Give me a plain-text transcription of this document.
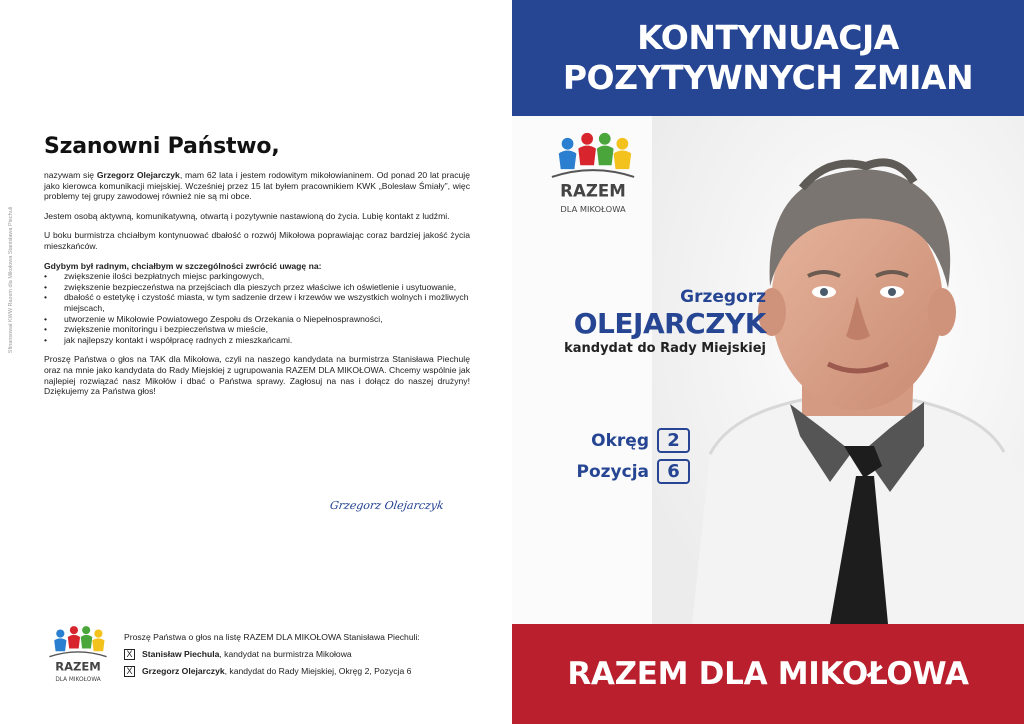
Sfinansował KWW Razem dla Mikołowa Stanisława Piechuli
Szanowni Państwo,

nazywam się Grzegorz Olejarczyk, mam 62 lata i jestem rodowitym mikołowianinem. Od ponad 20 lat pracuję jako kierowca komunikacji miejskiej. Wcześniej przez 15 lat byłem pracownikiem KWK „Bolesław Śmiały”, więc problemy tej grupy zawodowej również nie są mi obce.

Jestem osobą aktywną, komunikatywną, otwartą i pozytywnie nastawioną do życia. Lubię kontakt z ludźmi.

U boku burmistrza chciałbym kontynuować dbałość o rozwój Mikołowa poprawiając coraz bardziej jakość życia mieszkańców.

Gdybym był radnym, chciałbym w szczególności zwrócić uwagę na:

• zwiększenie ilości bezpłatnych miejsc parkingowych,
• zwiększenie bezpieczeństwa na przejściach dla pieszych przez właściwe ich oświetlenie i usytuowanie,
• dbałość o estetykę i czystość miasta, w tym sadzenie drzew i krzewów we wszystkich wolnych i możliwych miejscach,
• utworzenie w Mikołowie Powiatowego Zespołu ds Orzekania o Niepełnosprawności,
• zwiększenie monitoringu i bezpieczeństwa w mieście,
• jak najlepszy kontakt i współpracę radnych z mieszkańcami.

Proszę Państwa o głos na TAK dla Mikołowa, czyli na naszego kandydata na burmistrza Stanisława Piechulę oraz na mnie jako kandydata do Rady Miejskiej z ugrupowania RAZEM DLA MIKOŁOWA. Chcemy wspólnie jak najlepiej rozwiązać nasz Mikołów i dbać o Państwa sprawy. Zagłosuj na nas i dołącz do naszej drużyny! Dziękujemy za Państwa głos!

Grzegorz Olejarczyk
RAZEM
DLA MIKOŁOWA
Proszę Państwa o głos na listę RAZEM DLA MIKOŁOWA Stanisława Piechuli:
X Stanisław Piechula , kandydat na burmistrza Mikołowa
X Grzegorz Olejarczyk , kandydat do Rady Miejskiej, Okręg 2, Pozycja 6
RAZEM
DLA MIKOŁOWA
KONTYNUACJA
POZYTYWNYCH ZMIAN
Grzegorz
OLEJARCZYK
kandydat do Rady Miejskiej
Okręg	2
Pozycja	6
RAZEM DLA MIKOŁOWA
